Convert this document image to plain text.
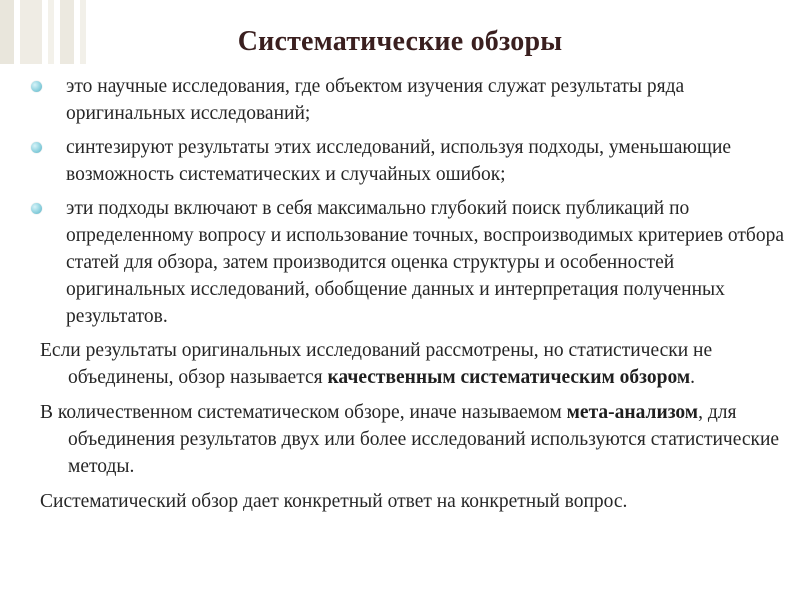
Систематические обзоры
это научные исследования, где объектом изучения служат результаты ряда оригинальных исследований;
синтезируют результаты этих исследований, используя подходы, уменьшающие возможность систематических и случайных ошибок;
эти подходы включают в себя максимально глубокий поиск публикаций по определенному вопросу и использование точных, воспроизводимых критериев отбора статей для обзора, затем производится оценка структуры и особенностей оригинальных исследований, обобщение данных и интерпретация полученных результатов.

Если результаты оригинальных исследований рассмотрены, но статистически не объединены, обзор называется качественным систематическим обзором.

В количественном систематическом обзоре, иначе называемом мета-анализом, для объединения результатов двух или более исследований используются статистические методы.

Систематический обзор дает конкретный ответ на конкретный вопрос.
